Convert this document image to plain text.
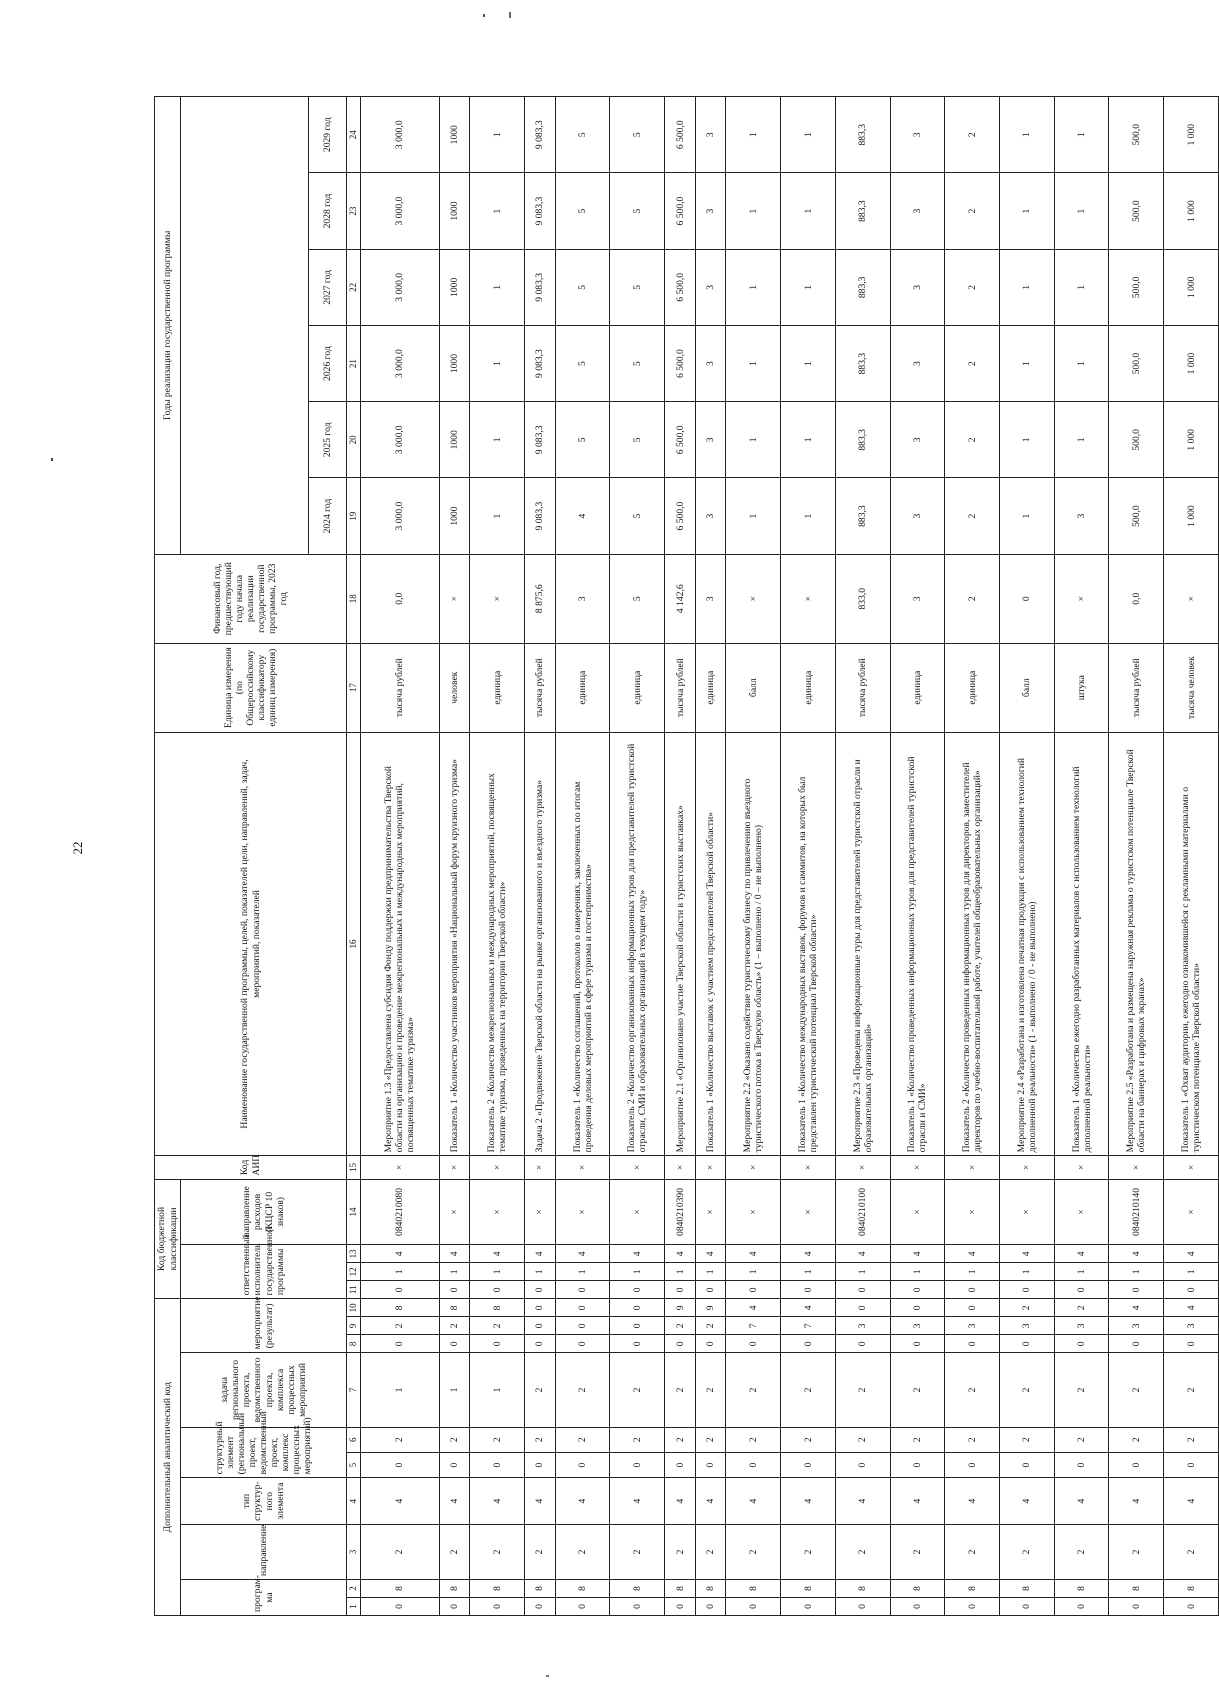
22
Дополнительный аналитический код										Код бюджетной классификации				Код АИП	Наименование государственной программы, целей, показателей цели, направлений, задач, мероприятий, показателей	Единица измерения (по Общероссийскому классификатору единиц измерения)	Финансовый год, предшествующий году начала реализации государственной программы, 2023 год	Годы реализации государственной программы					
програм-ма		направление	тип структур-ного элемента	структурный элемент (региональный проект, ведомственный проект, комплекс процессных мероприятий)		задача регионального проекта, ведомственного проекта, комплекса процессных мероприятий	мероприятие (результат)			ответственный исполнитель государственной программы			направление расходов (КЦСР 10 знаков)										
																		2024 год	2025 год	2026 год	2027 год	2028 год	2029 год
1	2	3	4	5	6	7	8	9	10	11	12	13	14	15	16	17	18	19	20	21	22	23	24
0	8	2	4	0	2	1	0	2	8	0	1	4	0840210080	×	Мероприятие 1.3 «Предоставлена субсидия Фонду поддержки предпринимательства Тверской области на организацию и проведение межрегиональных и международных мероприятий, посвященных тематике туризма»	тысяча рублей	0,0	3 000,0	3 000,0	3 000,0	3 000,0	3 000,0	3 000,0
0	8	2	4	0	2	1	0	2	8	0	1	4	×	×	Показатель 1 «Количество участников мероприятия «Национальный форум круизного туризма»	человек	×	1000	1000	1000	1000	1000	1000
0	8	2	4	0	2	1	0	2	8	0	1	4	×	×	Показатель 2 «Количество межрегиональных и международных мероприятий, посвященных тематике туризма, проведенных на территории Тверской области»	единица	×	1	1	1	1	1	1
0	8	2	4	0	2	2	0	0	0	0	1	4	×	×	Задача 2 «Продвижение Тверской области на рынке организованного и въездного туризма»	тысяча рублей	8 875,6	9 083,3	9 083,3	9 083,3	9 083,3	9 083,3	9 083,3
0	8	2	4	0	2	2	0	0	0	0	1	4	×	×	Показатель 1 «Количество соглашений, протоколов о намерениях, заключенных по итогам проведения деловых мероприятий в сфере туризма и гостеприимства»	единица	3	4	5	5	5	5	5
0	8	2	4	0	2	2	0	0	0	0	1	4	×	×	Показатель 2 «Количество организованных информационных туров для представителей туристской отрасли, СМИ и образовательных организаций в текущем году»	единица	5	5	5	5	5	5	5
0	8	2	4	0	2	2	0	2	9	0	1	4	0840210390	×	Мероприятие 2.1 «Организовано участие Тверской области в туристских выставках»	тысяча рублей	4 142,6	6 500,0	6 500,0	6 500,0	6 500,0	6 500,0	6 500,0
0	8	2	4	0	2	2	0	2	9	0	1	4	×	×	Показатель 1 «Количество выставок с участием представителей Тверской области»	единица	3	3	3	3	3	3	3
0	8	2	4	0	2	2	0	7	4	0	1	4	×	×	Мероприятие 2.2 «Оказано содействие туристическому бизнесу по привлечению въездного туристического потока в Тверскую область» (1 – выполнено / 0 – не выполнено)	балл	×	1	1	1	1	1	1
0	8	2	4	0	2	2	0	7	4	0	1	4	×	×	Показатель 1 «Количество международных выставок, форумов и саммитов, на которых был представлен туристический потенциал Тверской области»	единица	×	1	1	1	1	1	1
0	8	2	4	0	2	2	0	3	0	0	1	4	0840210100	×	Мероприятие 2.3 «Проведены информационные туры для представителей туристской отрасли и образовательных организаций»	тысяча рублей	833,0	883,3	883,3	883,3	883,3	883,3	883,3
0	8	2	4	0	2	2	0	3	0	0	1	4	×	×	Показатель 1 «Количество проведенных информационных туров для представителей туристской отрасли и СМИ»	единица	3	3	3	3	3	3	3
0	8	2	4	0	2	2	0	3	0	0	1	4	×	×	Показатель 2 «Количество проведенных информационных туров для директоров, заместителей директоров по учебно-воспитательной работе, учителей общеобразовательных организаций»	единица	2	2	2	2	2	2	2
0	8	2	4	0	2	2	0	3	2	0	1	4	×	×	Мероприятие 2.4 «Разработана и изготовлена печатная продукция с использованием технологий дополненной реальности» (1 - выполнено / 0 - не выполнено)	балл	0	1	1	1	1	1	1
0	8	2	4	0	2	2	0	3	2	0	1	4	×	×	Показатель 1 «Количество ежегодно разработанных материалов с использованием технологий дополненной реальности»	штука	×	3	1	1	1	1	1
0	8	2	4	0	2	2	0	3	4	0	1	4	0840210140	×	Мероприятие 2.5 «Разработана и размещена наружная реклама о туристском потенциале Тверской области на баннерах и цифровых экранах»	тысяча рублей	0,0	500,0	500,0	500,0	500,0	500,0	500,0
0	8	2	4	0	2	2	0	3	4	0	1	4	×	×	Показатель 1 «Охват аудитории, ежегодно ознакомившейся с рекламными материалами о туристическом потенциале Тверской области»	тысяча человек	×	1 000	1 000	1 000	1 000	1 000	1 000
